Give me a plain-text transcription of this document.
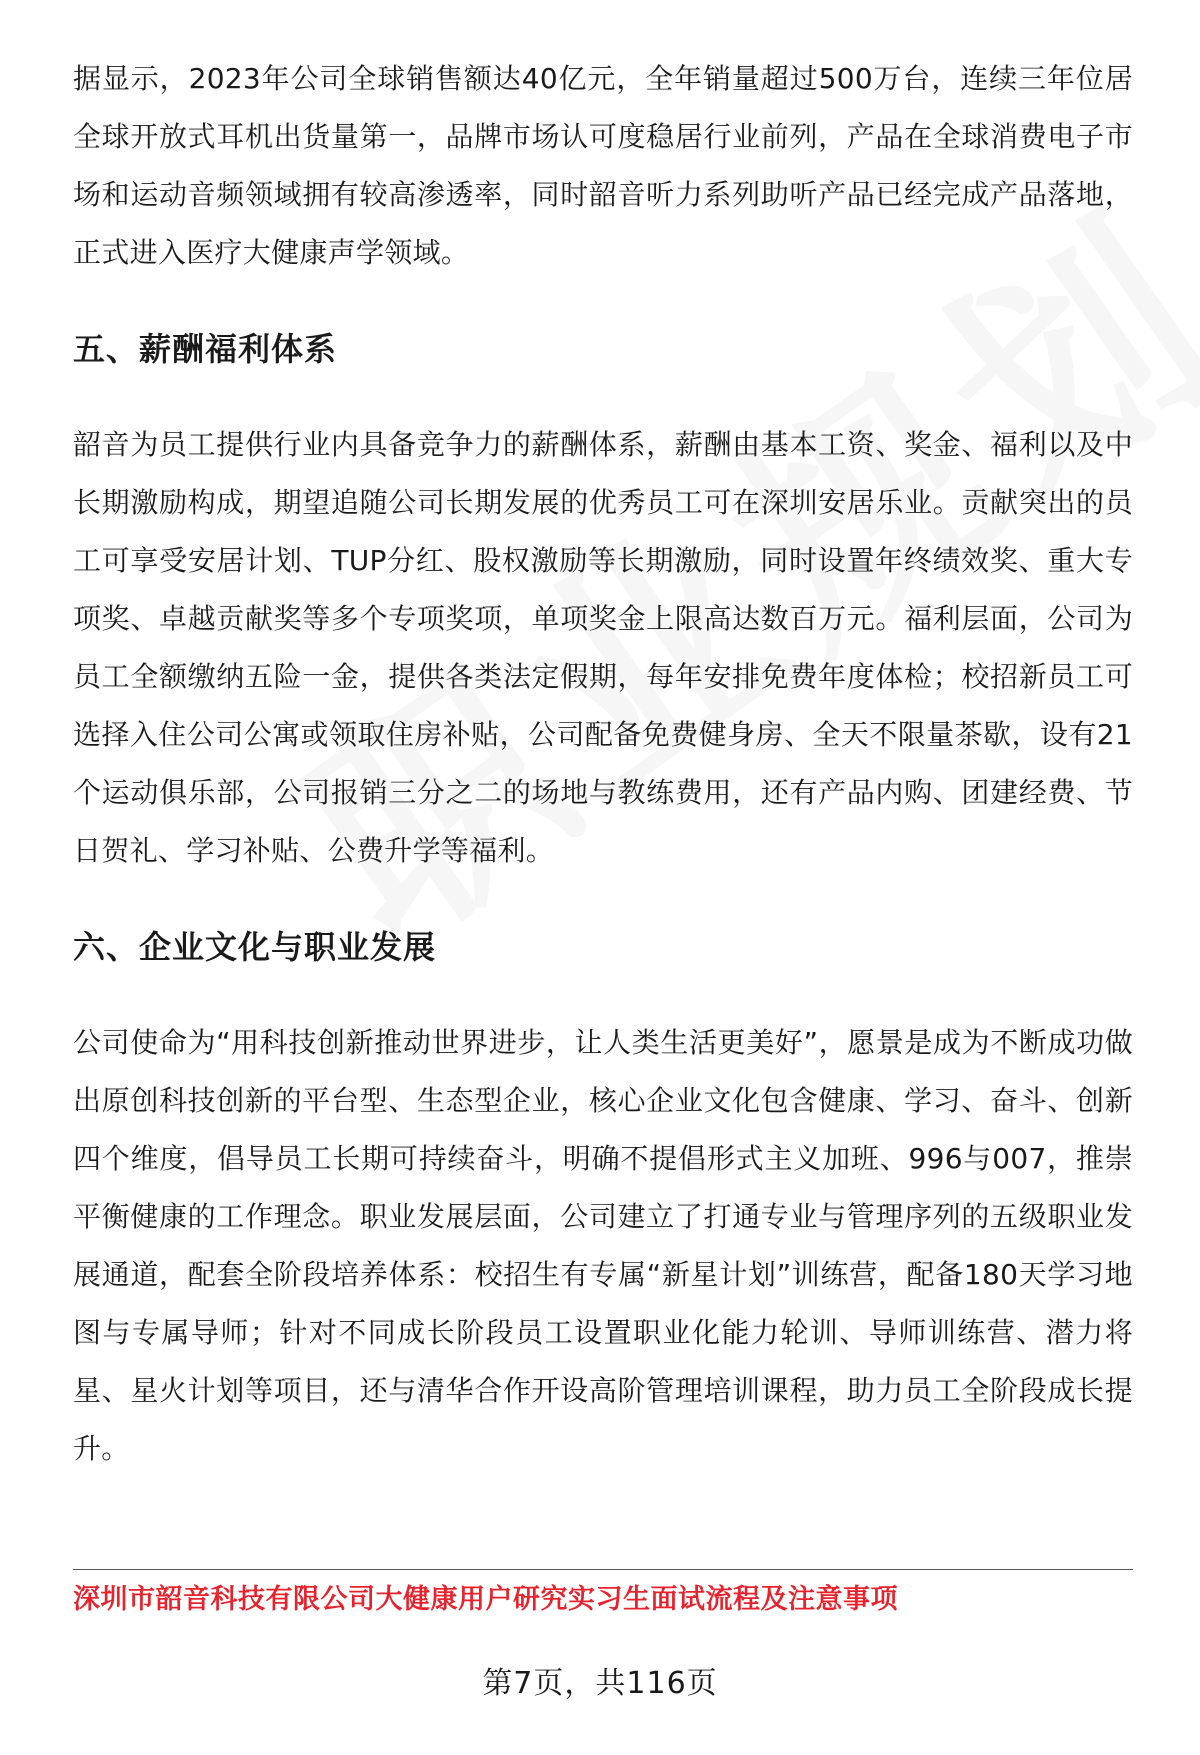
据显示，2023年公司全球销售额达40亿元，全年销量超过500万台，连续三年位居全球开放式耳机出货量第一，品牌市场认可度稳居行业前列，产品在全球消费电子市场和运动音频领域拥有较高渗透率，同时韶音听力系列助听产品已经完成产品落地，正式进入医疗大健康声学领域。

五、薪酬福利体系

韶音为员工提供行业内具备竞争力的薪酬体系，薪酬由基本工资、奖金、福利以及中长期激励构成，期望追随公司长期发展的优秀员工可在深圳安居乐业。贡献突出的员工可享受安居计划、TUP分红、股权激励等长期激励，同时设置年终绩效奖、重大专项奖、卓越贡献奖等多个专项奖项，单项奖金上限高达数百万元。福利层面，公司为员工全额缴纳五险一金，提供各类法定假期，每年安排免费年度体检；校招新员工可选择入住公司公寓或领取住房补贴，公司配备免费健身房、全天不限量茶歇，设有21个运动俱乐部，公司报销三分之二的场地与教练费用，还有产品内购、团建经费、节日贺礼、学习补贴、公费升学等福利。

六、企业文化与职业发展

公司使命为“用科技创新推动世界进步，让人类生活更美好”，愿景是成为不断成功做出原创科技创新的平台型、生态型企业，核心企业文化包含健康、学习、奋斗、创新四个维度，倡导员工长期可持续奋斗，明确不提倡形式主义加班、996与007，推崇平衡健康的工作理念。职业发展层面，公司建立了打通专业与管理序列的五级职业发展通道，配套全阶段培养体系：校招生有专属“新星计划”训练营，配备180天学习地图与专属导师；针对不同成长阶段员工设置职业化能力轮训、导师训练营、潜力将星、星火计划等项目，还与清华合作开设高阶管理培训课程，助力员工全阶段成长提升。

深圳市韶音科技有限公司大健康用户研究实习生面试流程及注意事项
第7页，共116页
